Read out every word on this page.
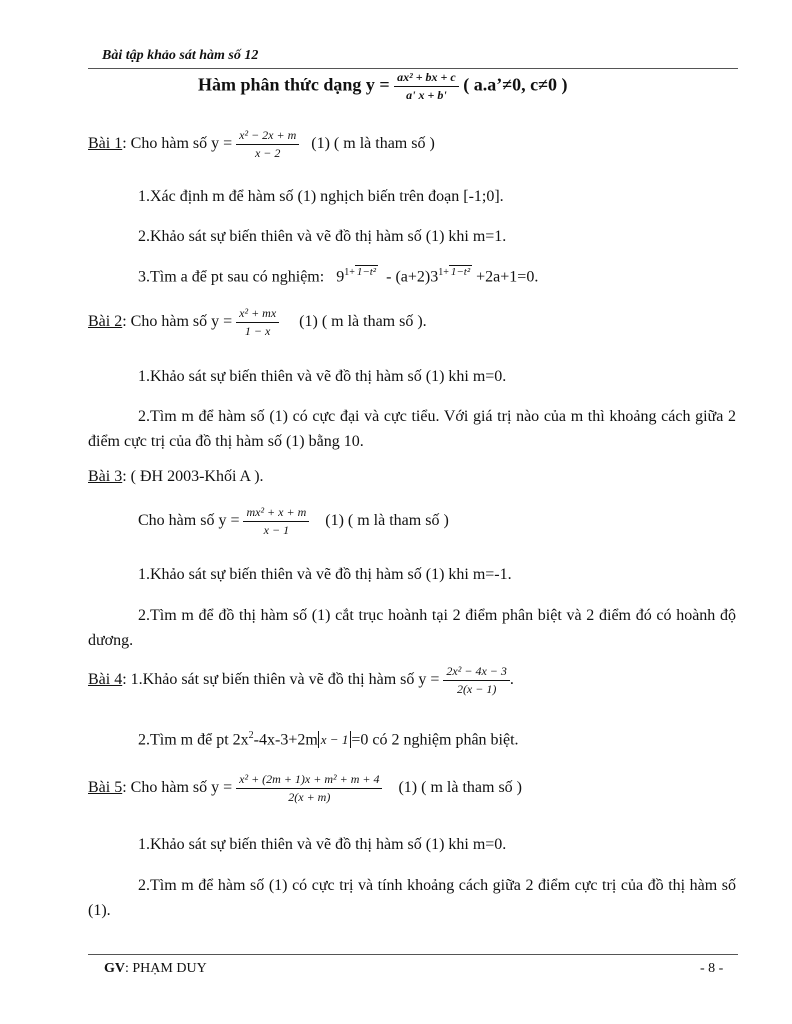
Bài tập khảo sát hàm số 12
Hàm phân thức dạng $y = \frac{\text{ax² + bx + c}}{a' x + b'}$ ( a.a’≠0, c≠0 )
Bài 1: Cho hàm số $y = \frac{\text{x² − 2x + m}}{x - 2} (1)$ ( m là tham số )
1.Xác định m để hàm số (1) nghịch biến trên đoạn [-1;0].
2.Khảo sát sự biến thiên và vẽ đồ thị hàm số (1) khi m=1.
3.Tìm a để pt sau có nghiệm: $9^{1+ 1-t^2} - (a+2)3^{1+ 1-t^2} +2a+1=0$.
Bài 2: Cho hàm số $y = \frac{\text{x² + mx}}{1 - x} (1)$ ( m là tham số ).
1.Khảo sát sự biến thiên và vẽ đồ thị hàm số (1) khi m=0.
2.Tìm m để hàm số (1) có cực đại và cực tiểu. Với giá trị nào của m thì khoảng cách giữa 2 điểm cực trị của đồ thị hàm số (1) bằng 10.
Bài 3: ( ĐH 2003-Khối A ).
Cho hàm số $y = \frac{\text{mx² + x + m}}{x - 1} (1)$ ( m là tham số )
1.Khảo sát sự biến thiên và vẽ đồ thị hàm số (1) khi m=-1.
2.Tìm m để đồ thị hàm số (1) cắt trục hoành tại 2 điểm phân biệt và 2 điểm đó có hoành độ dương.
Bài 4: 1.Khảo sát sự biến thiên và vẽ đồ thị hàm số $y = \frac{\text{2x² − 4x − 3}}{2(x - 1)}$ .
2.Tìm m để pt $2x^2-4x-3+2m$ x − 1 =0 có 2 nghiệm phân biệt.
Bài 5: Cho hàm số $y = \frac{\text{x² + (2m + 1)x + m² + m + 4}}{2(x + m)} (1)$ ( m là tham số )
1.Khảo sát sự biến thiên và vẽ đồ thị hàm số (1) khi m=0.
2.Tìm m để hàm số (1) có cực trị và tính khoảng cách giữa 2 điểm cực trị của đồ thị hàm số (1).
GV: PHẠM DUY	- 8 -
